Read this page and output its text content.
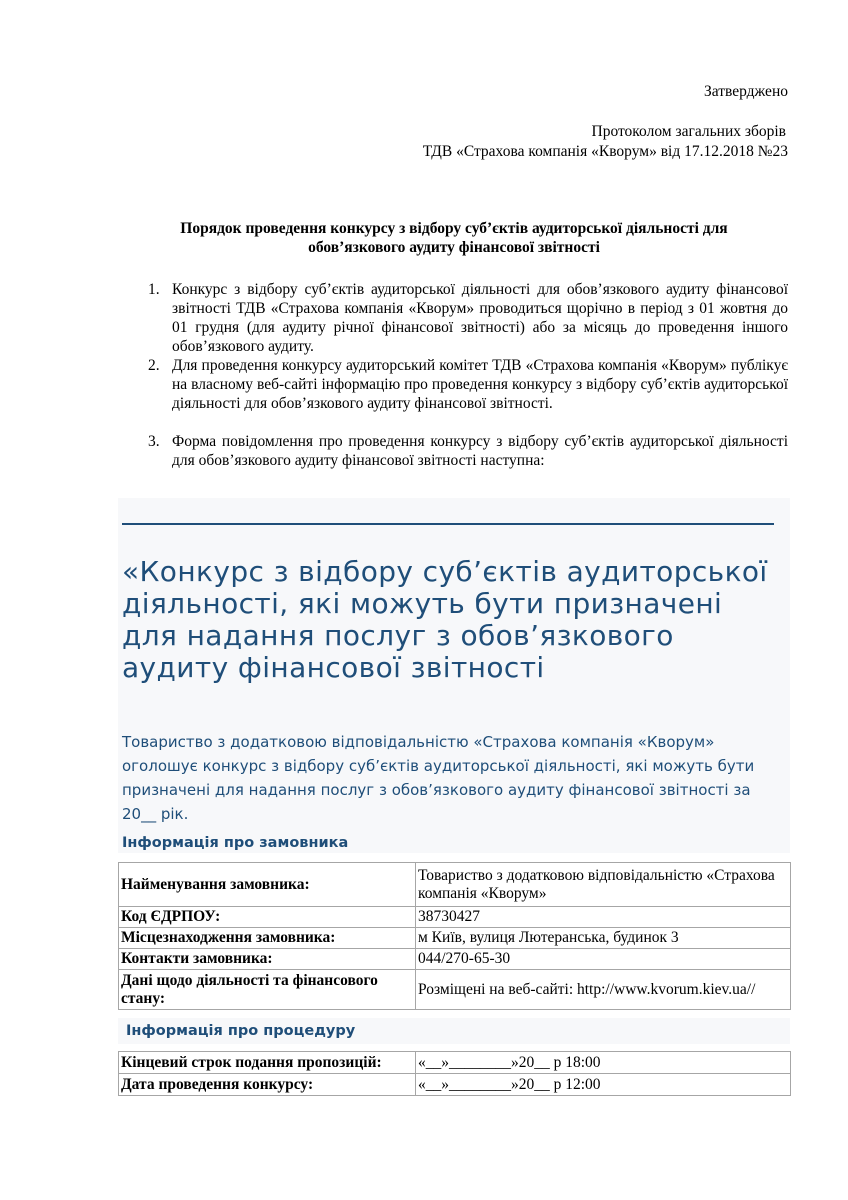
Затверджено
Протоколом загальних зборів
ТДВ «Страхова компанія «Кворум» від 17.12.2018 №23
Порядок проведення конкурсу з відбору суб’єктів аудиторської діяльності для
обов’язкового аудиту фінансової звітності
1. Конкурс з відбору суб’єктів аудиторської діяльності для обов’язкового аудиту фінансової звітності ТДВ «Страхова компанія «Кворум» проводиться щорічно в період з 01 жовтня до 01 грудня (для аудиту річної фінансової звітності) або за місяць до проведення іншого обов’язкового аудиту.
2. Для проведення конкурсу аудиторський комітет ТДВ «Страхова компанія «Кворум» публікує на власному веб-сайті інформацію про проведення конкурсу з відбору суб’єктів аудиторської діяльності для обов’язкового аудиту фінансової звітності.
3. Форма повідомлення про проведення конкурсу з відбору суб’єктів аудиторської діяльності для обов’язкового аудиту фінансової звітності наступна:
«Конкурс з відбору суб’єктів аудиторської діяльності, які можуть бути призначені для надання послуг з обов’язкового аудиту фінансової звітності
Товариство з додатковою відповідальністю «Страхова компанія «Кворум» оголошує конкурс з відбору суб’єктів аудиторської діяльності, які можуть бути призначені для надання послуг з обов’язкового аудиту фінансової звітності за 20__ рік.
Інформація про замовника
Найменування замовника:	Товариство з додатковою відповідальністю «Страхова компанія «Кворум»
Код ЄДРПОУ:	38730427
Місцезнаходження замовника:	м Київ, вулиця Лютеранська, будинок 3
Контакти замовника:	044/270-65-30
Дані щодо діяльності та фінансового стану:	Розміщені на веб-сайті: http://www.kvorum.kiev.ua//
Інформація про процедуру
Кінцевий строк подання пропозицій:	«__»________»20__ р 18:00
Дата проведення конкурсу:	«__»________»20__ р 12:00
